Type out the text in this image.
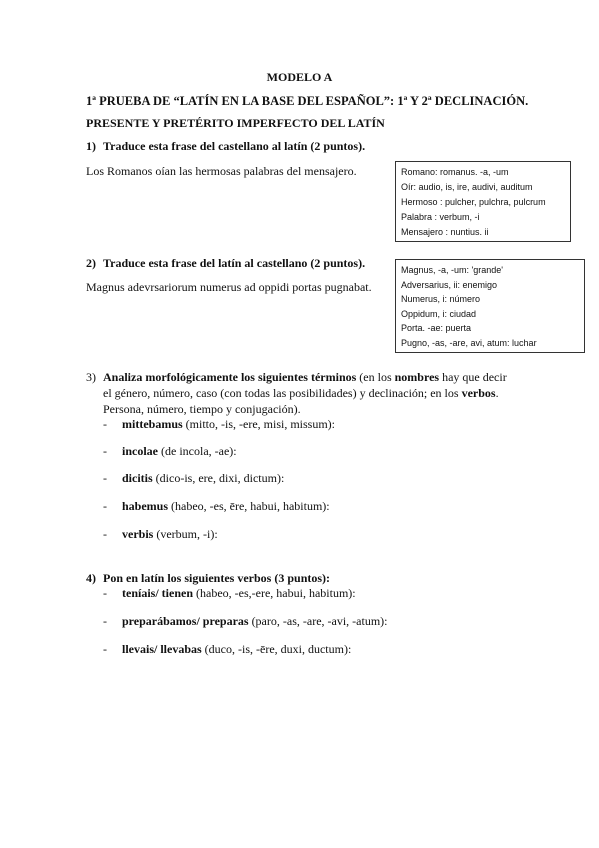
MODELO A
1ª PRUEBA DE “LATÍN EN LA BASE DEL ESPAÑOL”: 1ª Y 2ª DECLINACIÓN.
PRESENTE Y PRETÉRITO IMPERFECTO DEL LATÍN
1) Traduce esta frase del castellano al latín (2 puntos).
Los Romanos oían las hermosas palabras del mensajero.	Romano: romanus. -a, -um
Oír: audio, is, ire, audivi, auditum
Hermoso : pulcher, pulchra, pulcrum
Palabra : verbum, -i
Mensajero : nuntius. ii
2) Traduce esta frase del latín al castellano (2 puntos).
Magnus adevrsariorum numerus ad oppidi portas pugnabat.
Magnus, -a, -um: 'grande'
Adversarius, ii: enemigo
Numerus, i: número
Oppidum, i: ciudad
Porta. -ae: puerta
Pugno, -as, -are, avi, atum: luchar
3) Analiza morfológicamente los siguientes términos (en los nombres hay que decir
el género, número, caso (con todas las posibilidades) y declinación; en los verbos.
Persona, número, tiempo y conjugación).
- mittebamus (mitto, -is, -ere, misi, missum):
- incolae (de incola, -ae):
- dicitis (dico-is, ere, dixi, dictum):
- habemus (habeo, -es, ēre, habui, habitum):
- verbis (verbum, -i):
4) Pon en latín los siguientes verbos (3 puntos):
- teníais/ tienen (habeo, -es,-ere, habui, habitum):
- preparábamos/ preparas (paro, -as, -are, -avi, -atum):
- llevais/ llevabas (duco, -is, -ēre, duxi, ductum):
